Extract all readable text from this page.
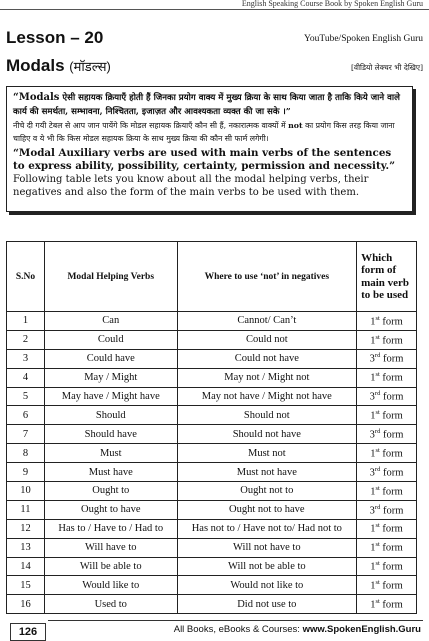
English Speaking Course Book by Spoken English Guru
Lesson – 20	YouTube/Spoken English Guru
Modals (मॉडल्स)	[वीडियो लेक्चर भी देखिए]

“Modals ऐसी सहायक क्रियाएँ होती हैं जिनका प्रयोग वाक्य में मुख्य क्रिया के साथ किया जाता है ताकि किये जाने वाले कार्य की समर्थता, सम्भावना, निश्चितता, इजाज़त और आवश्यकता व्यक्त की जा सके ।”

नीचे दी गयी टेबल से आप जान पायेंगे कि मोडल सहायक क्रियाएँ कौन सी हैं, नकारात्मक वाक्यों में not का प्रयोग किस तरह किया जाना चाहिए व ये भी कि किस मोडल सहायक क्रिया के साथ मुख्य क्रिया की कौन सी फार्म लगेगी।

“Modal Auxiliary verbs are used with main verbs of the sentences to express ability, possibility, certainty, permission and necessity.”

Following table lets you know about all the modal helping verbs, their negatives and also the form of the main verbs to be used with them.

S.No	Modal Helping Verbs	Where to use ‘not’ in negatives	Which form of main verb to be used
1	Can	Cannot/ Can’t	1st form
2	Could	Could not	1st form
3	Could have	Could not have	3rd form
4	May / Might	May not / Might not	1st form
5	May have / Might have	May not have / Might not have	3rd form
6	Should	Should not	1st form
7	Should have	Should not have	3rd form
8	Must	Must not	1st form
9	Must have	Must not have	3rd form
10	Ought to	Ought not to	1st form
11	Ought to have	Ought not to have	3rd form
12	Has to / Have to / Had to	Has not to / Have not to/ Had not to	1st form
13	Will have to	Will not have to	1st form
14	Will be able to	Will not be able to	1st form
15	Would like to	Would not like to	1st form
16	Used to	Did not use to	1st form
126	All Books, eBooks & Courses: www.SpokenEnglish.Guru
